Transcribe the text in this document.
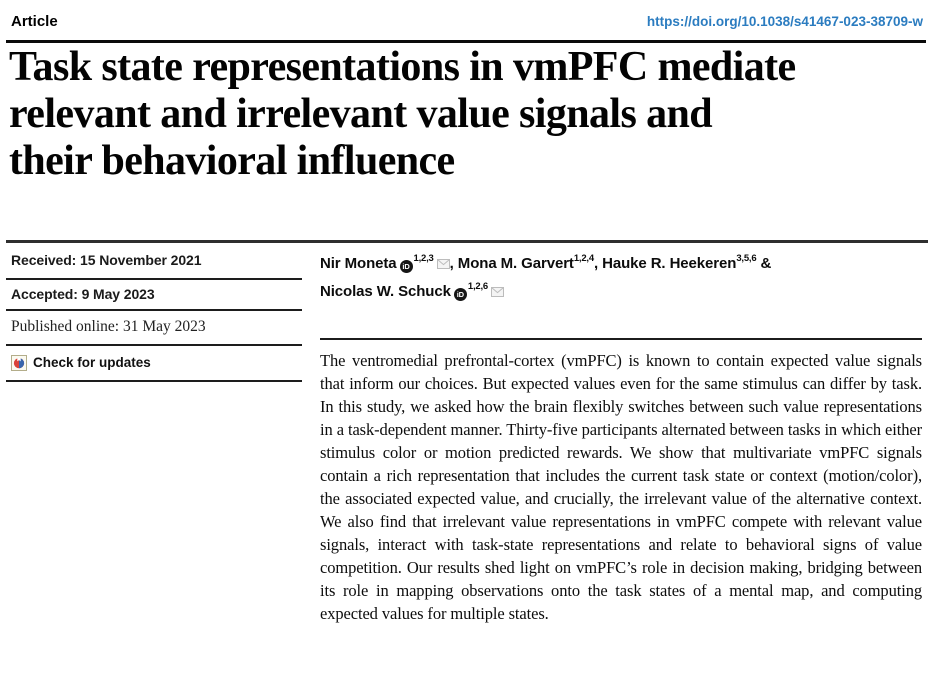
Article	https://doi.org/10.1038/s41467-023-38709-w
Task state representations in vmPFC mediate
relevant and irrelevant value signals and
their behavioral influence
Received: 15 November 2021
Accepted: 9 May 2023
Published online: 31 May 2023
Check for updates
Nir Moneta iD$^{1,2,3}$ , Mona M. Garvert$^{1,2,4}$, Hauke R. Heekeren$^{3,5,6}$ &
Nicolas W. Schuck iD$^{1,2,6}$
The ventromedial prefrontal-cortex (vmPFC) is known to contain expected value signals that inform our choices. But expected values even for the same stimulus can differ by task. In this study, we asked how the brain flexibly switches between such value representations in a task-dependent manner. Thirty-five participants alternated between tasks in which either stimulus color or motion predicted rewards. We show that multivariate vmPFC signals contain a rich representation that includes the current task state or context (motion/color), the associated expected value, and crucially, the irrelevant value of the alternative context. We also find that irrelevant value representations in vmPFC compete with relevant value signals, interact with task-state representations and relate to behavioral signs of value competition. Our results shed light on vmPFC’s role in decision making, bridging between its role in mapping observations onto the task states of a mental map, and computing expected values for multiple states.
